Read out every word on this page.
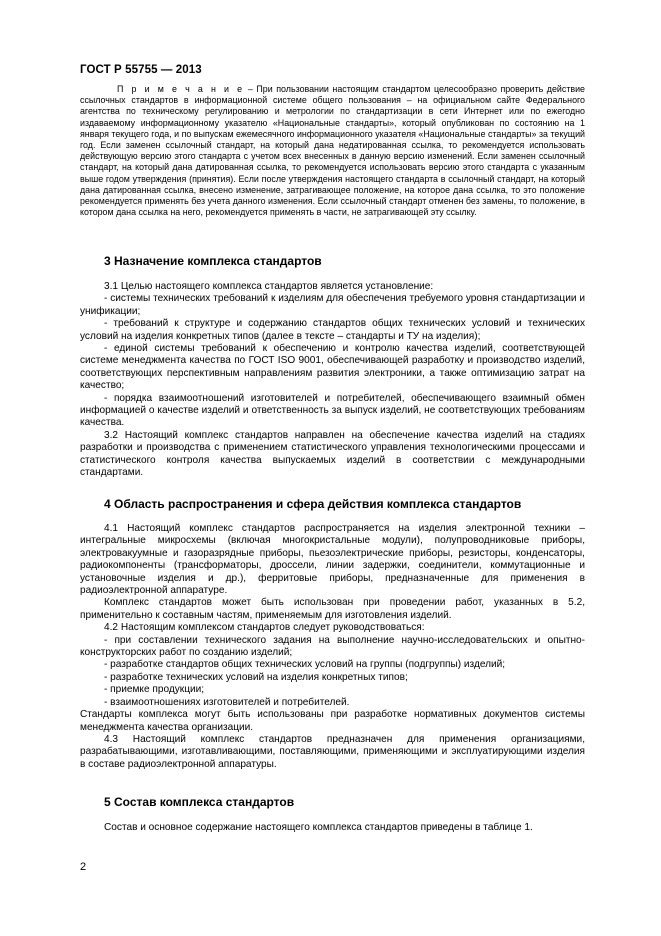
ГОСТ Р 55755 — 2013

П р и м е ч а н и е – При пользовании настоящим стандартом целесообразно проверить действие ссылочных стандартов в информационной системе общего пользования – на официальном сайте Федерального агентства по техническому регулированию и метрологии по стандартизации в сети Интернет или по ежегодно издаваемому информационному указателю «Национальные стандарты», который опубликован по состоянию на 1 января текущего года, и по выпускам ежемесячного информационного указателя «Национальные стандарты» за текущий год. Если заменен ссылочный стандарт, на который дана недатированная ссылка, то рекомендуется использовать действующую версию этого стандарта с учетом всех внесенных в данную версию изменений. Если заменен ссылочный стандарт, на который дана датированная ссылка, то рекомендуется использовать версию этого стандарта с указанным выше годом утверждения (принятия). Если после утверждения настоящего стандарта в ссылочный стандарт, на который дана датированная ссылка, внесено изменение, затрагивающее положение, на которое дана ссылка, то это положение рекомендуется применять без учета данного изменения. Если ссылочный стандарт отменен без замены, то положение, в котором дана ссылка на него, рекомендуется применять в части, не затрагивающей эту ссылку.

3 Назначение комплекса стандартов

3.1 Целью настоящего комплекса стандартов является установление:

- системы технических требований к изделиям для обеспечения требуемого уровня стандартизации и унификации;

- требований к структуре и содержанию стандартов общих технических условий и технических условий на изделия конкретных типов (далее в тексте – стандарты и ТУ на изделия);

- единой системы требований к обеспечению и контролю качества изделий, соответствующей системе менеджмента качества по ГОСТ ISO 9001, обеспечивающей разработку и производство изделий, соответствующих перспективным направлениям развития электроники, а также оптимизацию затрат на качество;

- порядка взаимоотношений изготовителей и потребителей, обеспечивающего взаимный обмен информацией о качестве изделий и ответственность за выпуск изделий, не соответствующих требованиям качества.

3.2 Настоящий комплекс стандартов направлен на обеспечение качества изделий на стадиях разработки и производства с применением статистического управления технологическими процессами и статистического контроля качества выпускаемых изделий в соответствии с международными стандартами.

4 Область распространения и сфера действия комплекса стандартов

4.1 Настоящий комплекс стандартов распространяется на изделия электронной техники – интегральные микросхемы (включая многокристальные модули), полупроводниковые приборы, электровакуумные и газоразрядные приборы, пьезоэлектрические приборы, резисторы, конденсаторы, радиокомпоненты (трансформаторы, дроссели, линии задержки, соединители, коммутационные и установочные изделия и др.), ферритовые приборы, предназначенные для применения в радиоэлектронной аппаратуре.

Комплекс стандартов может быть использован при проведении работ, указанных в 5.2, применительно к составным частям, применяемым для изготовления изделий.

4.2 Настоящим комплексом стандартов следует руководствоваться:

- при составлении технического задания на выполнение научно-исследовательских и опытно-конструкторских работ по созданию изделий;

- разработке стандартов общих технических условий на группы (подгруппы) изделий;

- разработке технических условий на изделия конкретных типов;

- приемке продукции;

- взаимоотношениях изготовителей и потребителей.

Стандарты комплекса могут быть использованы при разработке нормативных документов системы менеджмента качества организации.

4.3 Настоящий комплекс стандартов предназначен для применения организациями, разрабатывающими, изготавливающими, поставляющими, применяющими и эксплуатирующими изделия в составе радиоэлектронной аппаратуры.

5 Состав комплекса стандартов

Состав и основное содержание настоящего комплекса стандартов приведены в таблице 1.

2
